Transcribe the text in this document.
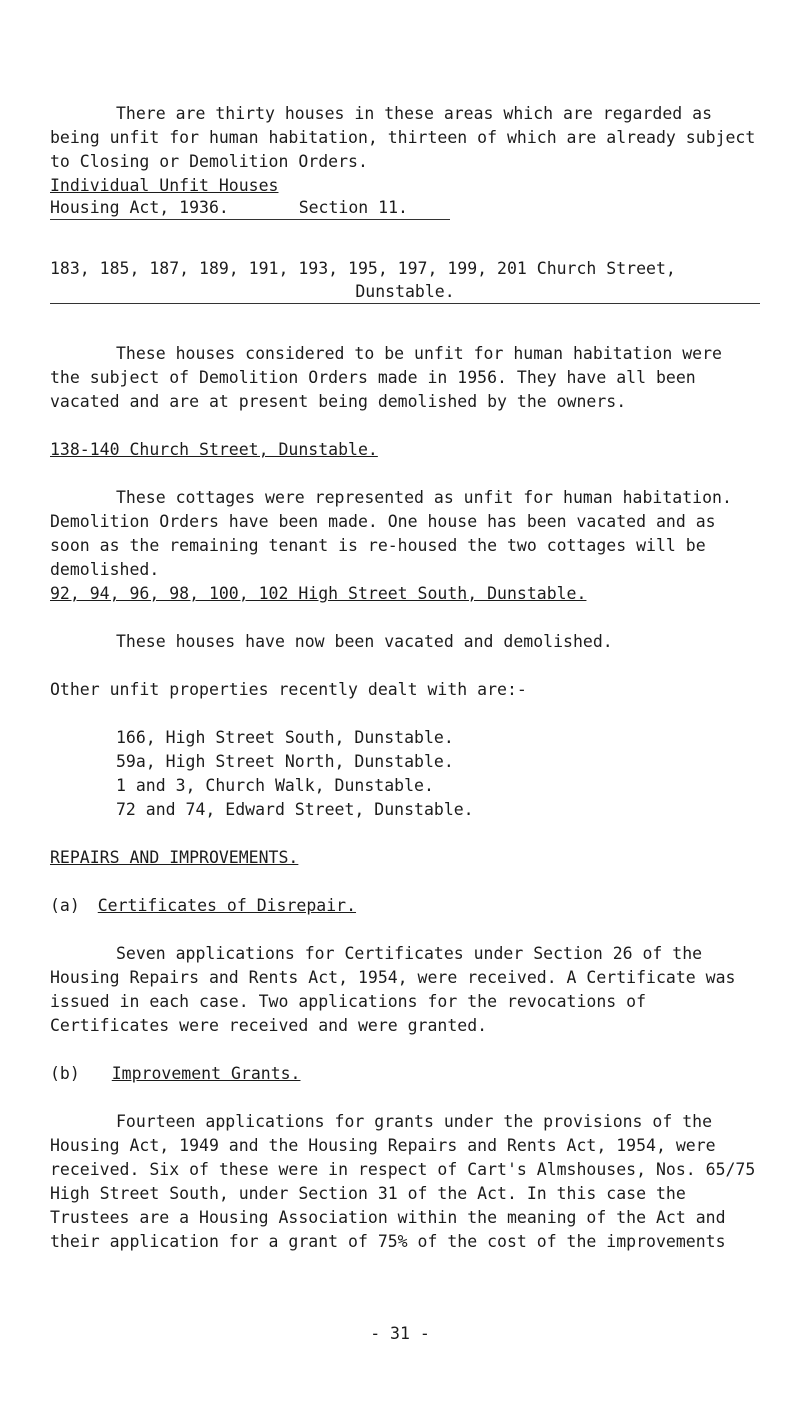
There are thirty houses in these areas which are regarded as being unfit for human habitation, thirteen of which are already subject to Closing or Demolition Orders.

Individual Unfit Houses
Housing Act, 1936.	Section 11.
183, 185, 187, 189, 191, 193, 195, 197, 199, 201 Church Street,
Dunstable.

These houses considered to be unfit for human habitation were the subject of Demolition Orders made in 1956. They have all been vacated and are at present being demolished by the owners.

138-140 Church Street, Dunstable.

These cottages were represented as unfit for human habitation. Demolition Orders have been made. One house has been vacated and as soon as the remaining tenant is re-housed the two cottages will be demolished.

92, 94, 96, 98, 100, 102 High Street South, Dunstable.

These houses have now been vacated and demolished.

Other unfit properties recently dealt with are:-
166, High Street South, Dunstable.
59a, High Street North, Dunstable.
1 and 3, Church Walk, Dunstable.
72 and 74, Edward Street, Dunstable.
REPAIRS AND IMPROVEMENTS.
(a) Certificates of Disrepair.

Seven applications for Certificates under Section 26 of the Housing Repairs and Rents Act, 1954, were received. A Certificate was issued in each case. Two applications for the revocations of Certificates were received and were granted.

(b) Improvement Grants.

Fourteen applications for grants under the provisions of the Housing Act, 1949 and the Housing Repairs and Rents Act, 1954, were received. Six of these were in respect of Cart's Almshouses, Nos. 65/75 High Street South, under Section 31 of the Act. In this case the Trustees are a Housing Association within the meaning of the Act and their application for a grant of 75% of the cost of the improvements

- 31 -
